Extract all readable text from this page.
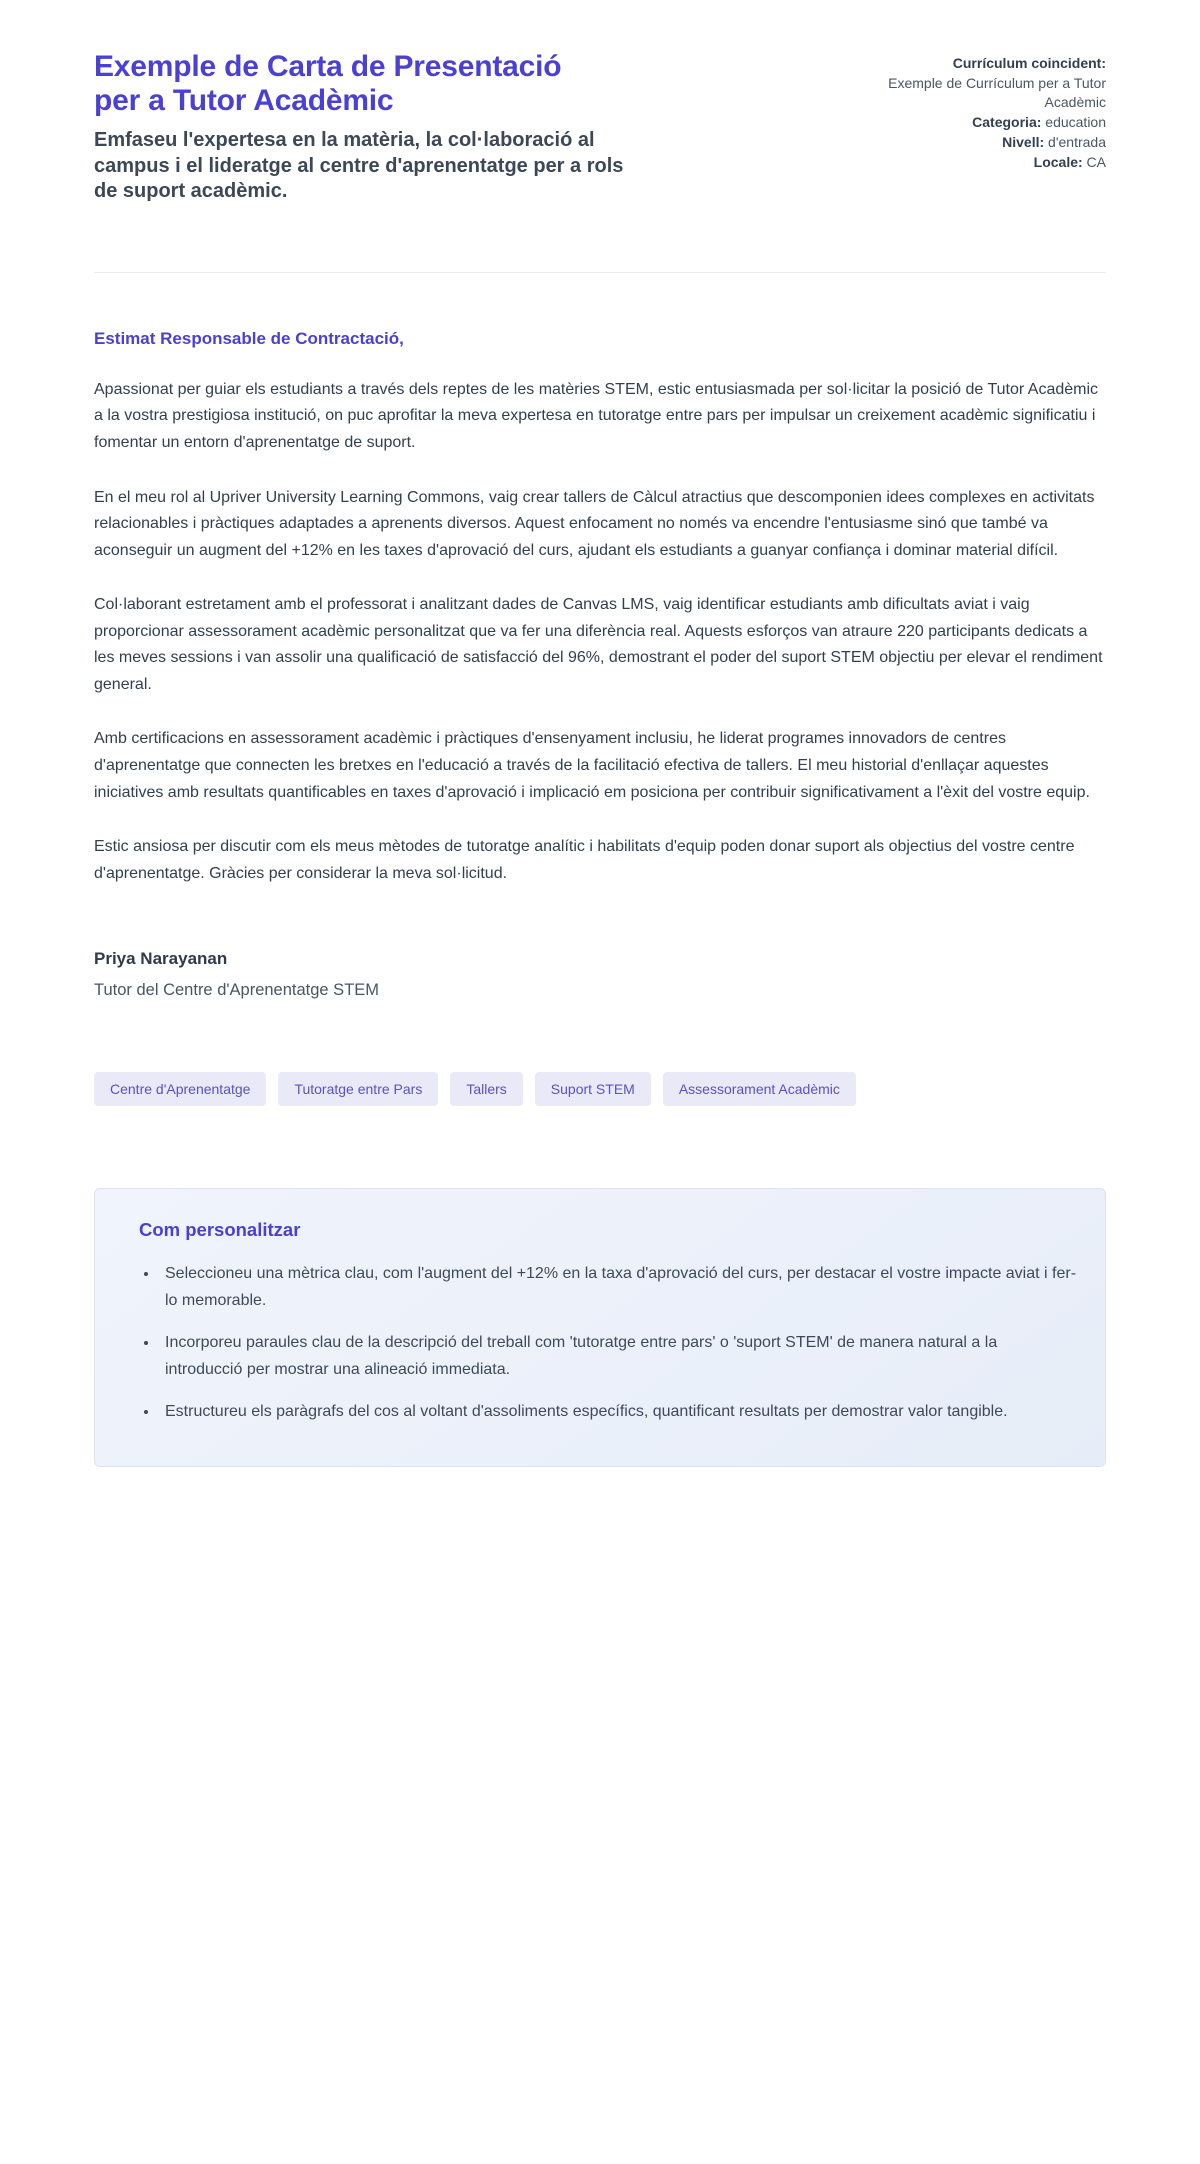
Exemple de Carta de Presentació per a Tutor Acadèmic

Emfaseu l'expertesa en la matèria, la col·laboració al campus i el lideratge al centre d'aprenentatge per a rols de suport acadèmic.

Currículum coincident:
Exemple de Currículum per a Tutor Acadèmic
Categoria: education
Nivell: d'entrada
Locale: CA

Estimat Responsable de Contractació,

Apassionat per guiar els estudiants a través dels reptes de les matèries STEM, estic entusiasmada per sol·licitar la posició de Tutor Acadèmic a la vostra prestigiosa institució, on puc aprofitar la meva expertesa en tutoratge entre pars per impulsar un creixement acadèmic significatiu i fomentar un entorn d'aprenentatge de suport.

En el meu rol al Upriver University Learning Commons, vaig crear tallers de Càlcul atractius que descomponien idees complexes en activitats relacionables i pràctiques adaptades a aprenents diversos. Aquest enfocament no només va encendre l'entusiasme sinó que també va aconseguir un augment del +12% en les taxes d'aprovació del curs, ajudant els estudiants a guanyar confiança i dominar material difícil.

Col·laborant estretament amb el professorat i analitzant dades de Canvas LMS, vaig identificar estudiants amb dificultats aviat i vaig proporcionar assessorament acadèmic personalitzat que va fer una diferència real. Aquests esforços van atraure 220 participants dedicats a les meves sessions i van assolir una qualificació de satisfacció del 96%, demostrant el poder del suport STEM objectiu per elevar el rendiment general.

Amb certificacions en assessorament acadèmic i pràctiques d'ensenyament inclusiu, he liderat programes innovadors de centres d'aprenentatge que connecten les bretxes en l'educació a través de la facilitació efectiva de tallers. El meu historial d'enllaçar aquestes iniciatives amb resultats quantificables en taxes d'aprovació i implicació em posiciona per contribuir significativament a l'èxit del vostre equip.

Estic ansiosa per discutir com els meus mètodes de tutoratge analític i habilitats d'equip poden donar suport als objectius del vostre centre d'aprenentatge. Gràcies per considerar la meva sol·licitud.

Priya Narayanan

Tutor del Centre d'Aprenentatge STEM

Centre d'Aprenentatge	Tutoratge entre Pars	Tallers	Suport STEM	Assessorament Acadèmic
Com personalitzar
• Seleccioneu una mètrica clau, com l'augment del +12% en la taxa d'aprovació del curs, per destacar el vostre impacte aviat i fer-lo memorable.
• Incorporeu paraules clau de la descripció del treball com 'tutoratge entre pars' o 'suport STEM' de manera natural a la introducció per mostrar una alineació immediata.
• Estructureu els paràgrafs del cos al voltant d'assoliments específics, quantificant resultats per demostrar valor tangible.
